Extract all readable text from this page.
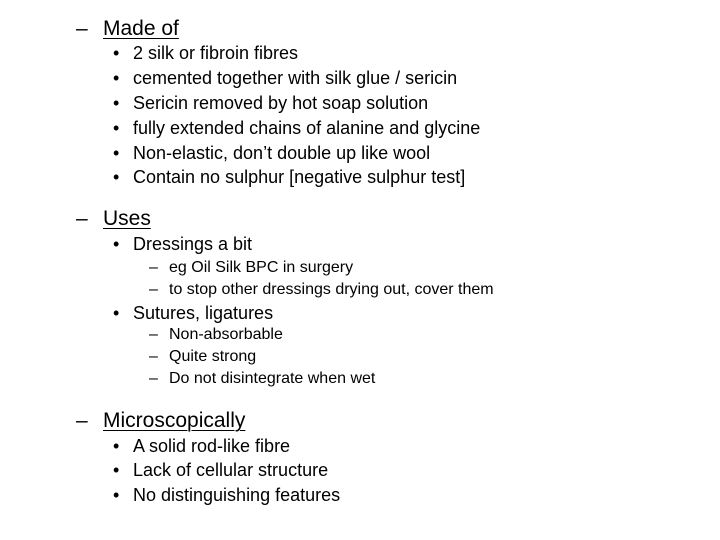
– Made of
• 2 silk or fibroin fibres
• cemented together with silk glue / sericin
• Sericin removed by hot soap solution
• fully extended chains of alanine and glycine
• Non-elastic, don’t double up like wool
• Contain no sulphur [negative sulphur test]
– Uses
• Dressings a bit
– eg Oil Silk BPC in surgery
– to stop other dressings drying out, cover them
• Sutures, ligatures
– Non-absorbable
– Quite strong
– Do not disintegrate when wet
– Microscopically
• A solid rod-like fibre
• Lack of cellular structure
• No distinguishing features
